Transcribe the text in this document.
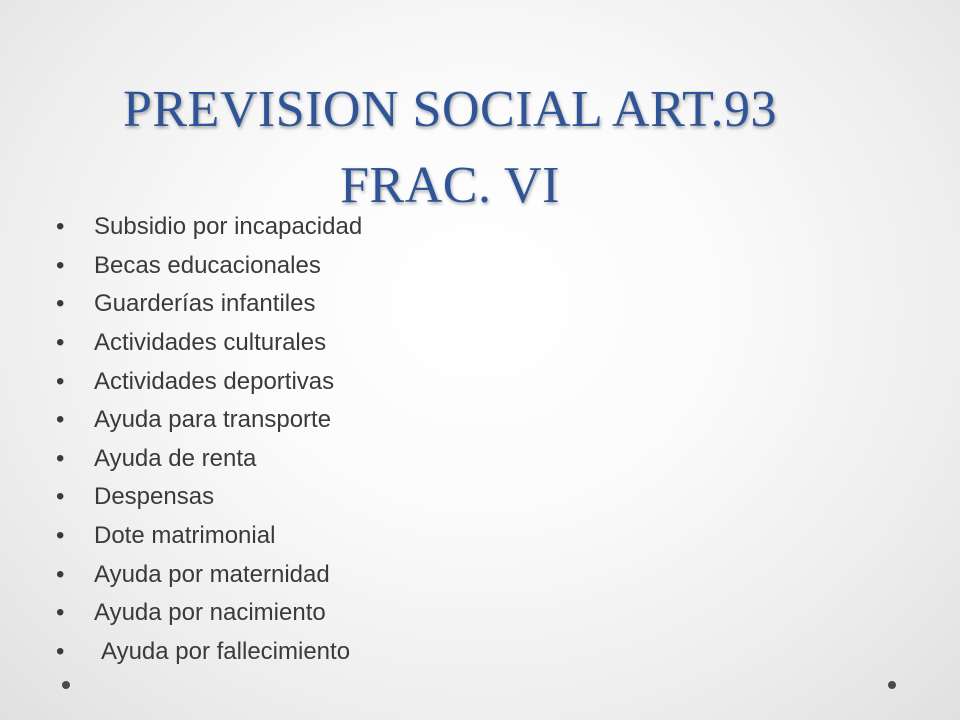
PREVISION SOCIAL ART.93
FRAC. VI
•	Subsidio por incapacidad
•	Becas educacionales
•	Guarderías infantiles
•	Actividades culturales
•	Actividades deportivas
•	Ayuda para transporte
•	Ayuda de renta
•	Despensas
•	Dote matrimonial
•	Ayuda por maternidad
•	Ayuda por nacimiento
•	Ayuda por fallecimiento
